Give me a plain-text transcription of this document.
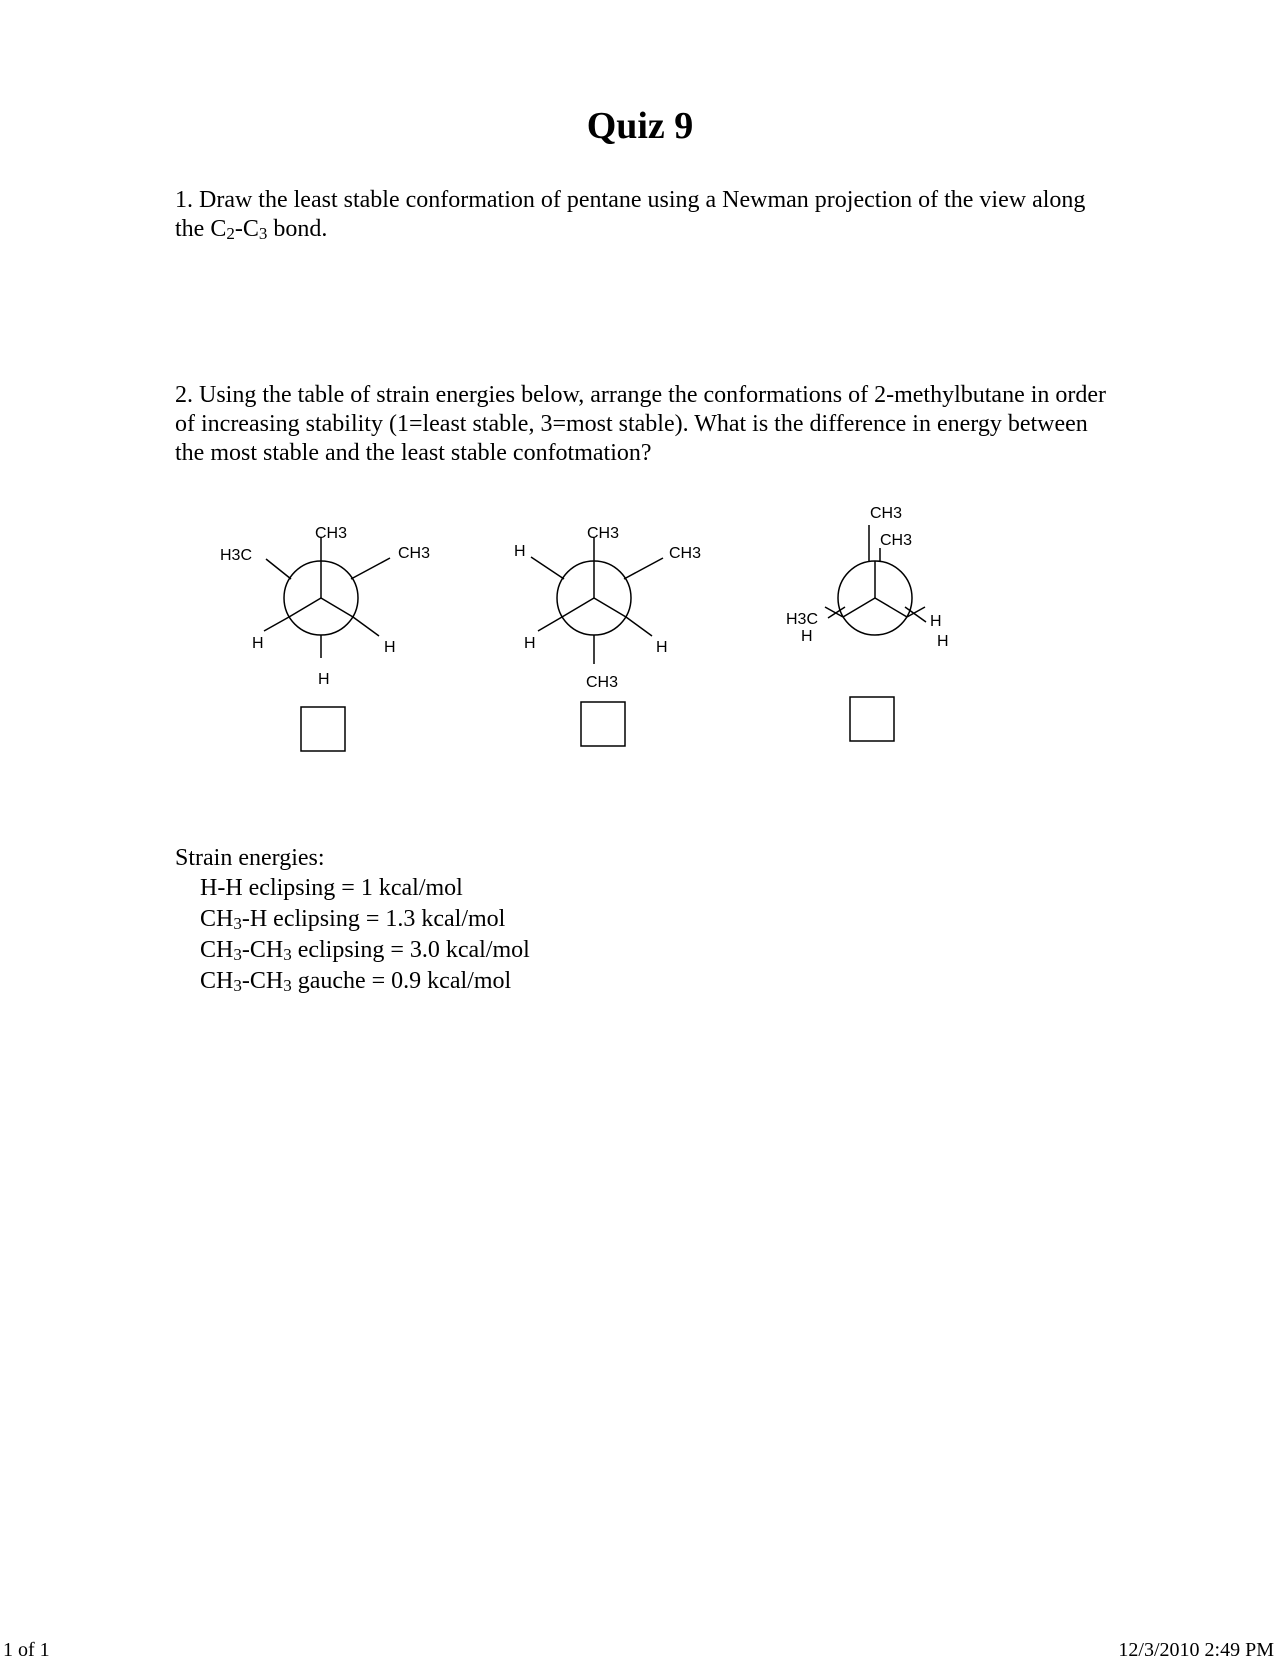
Quiz 9
1. Draw the least stable conformation of pentane using a Newman projection of the view along the $C_2-C_3$ bond.
2. Using the table of strain energies below, arrange the conformations of 2-methylbutane in order of increasing stability (1=least stable, 3=most stable). What is the difference in energy between the most stable and the least stable confotmation?
CH3
H3C	CH3
H	H
H
CH3
H	CH3
H	H
CH3
CH3
CH3
H3C
H
H
H
Strain energies:
H-H eclipsing = 1 kcal/mol
$CH_3-H$ eclipsing = 1.3 kcal/mol
$CH_3-CH_3$ eclipsing = 3.0 kcal/mol
$CH_3-CH_3$ gauche = 0.9 kcal/mol
1 of 1	12/3/2010 2:49 PM
